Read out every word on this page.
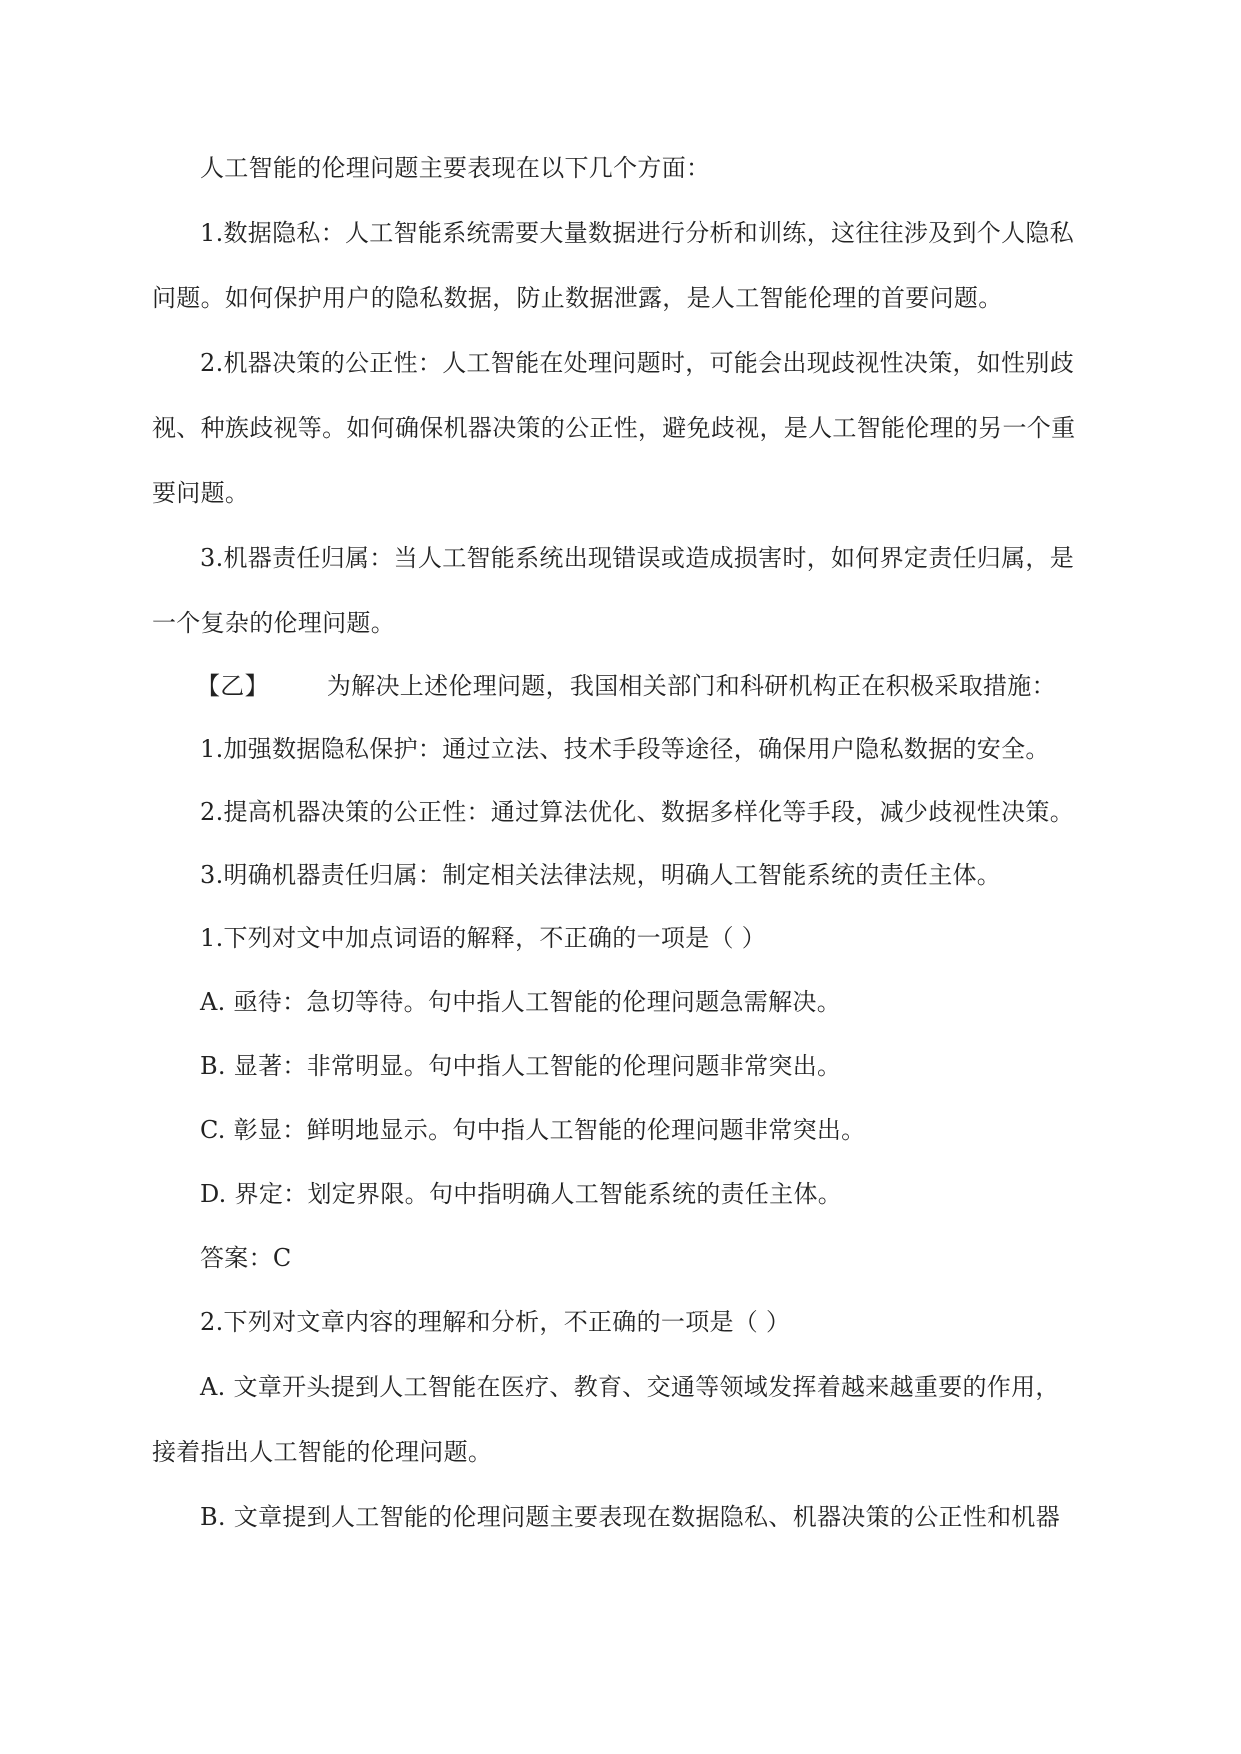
人工智能的伦理问题主要表现在以下几个方面：
1.数据隐私：人工智能系统需要大量数据进行分析和训练，这往往涉及到个人隐私
问题。如何保护用户的隐私数据，防止数据泄露，是人工智能伦理的首要问题。
2.机器决策的公正性：人工智能在处理问题时，可能会出现歧视性决策，如性别歧
视、种族歧视等。如何确保机器决策的公正性，避免歧视，是人工智能伦理的另一个重
要问题。
3.机器责任归属：当人工智能系统出现错误或造成损害时，如何界定责任归属，是
一个复杂的伦理问题。
【乙】 为解决上述伦理问题，我国相关部门和科研机构正在积极采取措施：
1.加强数据隐私保护：通过立法、技术手段等途径，确保用户隐私数据的安全。
2.提高机器决策的公正性：通过算法优化、数据多样化等手段，减少歧视性决策。
3.明确机器责任归属：制定相关法律法规，明确人工智能系统的责任主体。
1.下列对文中加点词语的解释，不正确的一项是（ ）
A. 亟待：急切等待。句中指人工智能的伦理问题急需解决。
B. 显著：非常明显。句中指人工智能的伦理问题非常突出。
C. 彰显：鲜明地显示。句中指人工智能的伦理问题非常突出。
D. 界定：划定界限。句中指明确人工智能系统的责任主体。
答案：C
2.下列对文章内容的理解和分析，不正确的一项是（ ）
A. 文章开头提到人工智能在医疗、教育、交通等领域发挥着越来越重要的作用，
接着指出人工智能的伦理问题。
B. 文章提到人工智能的伦理问题主要表现在数据隐私、机器决策的公正性和机器
